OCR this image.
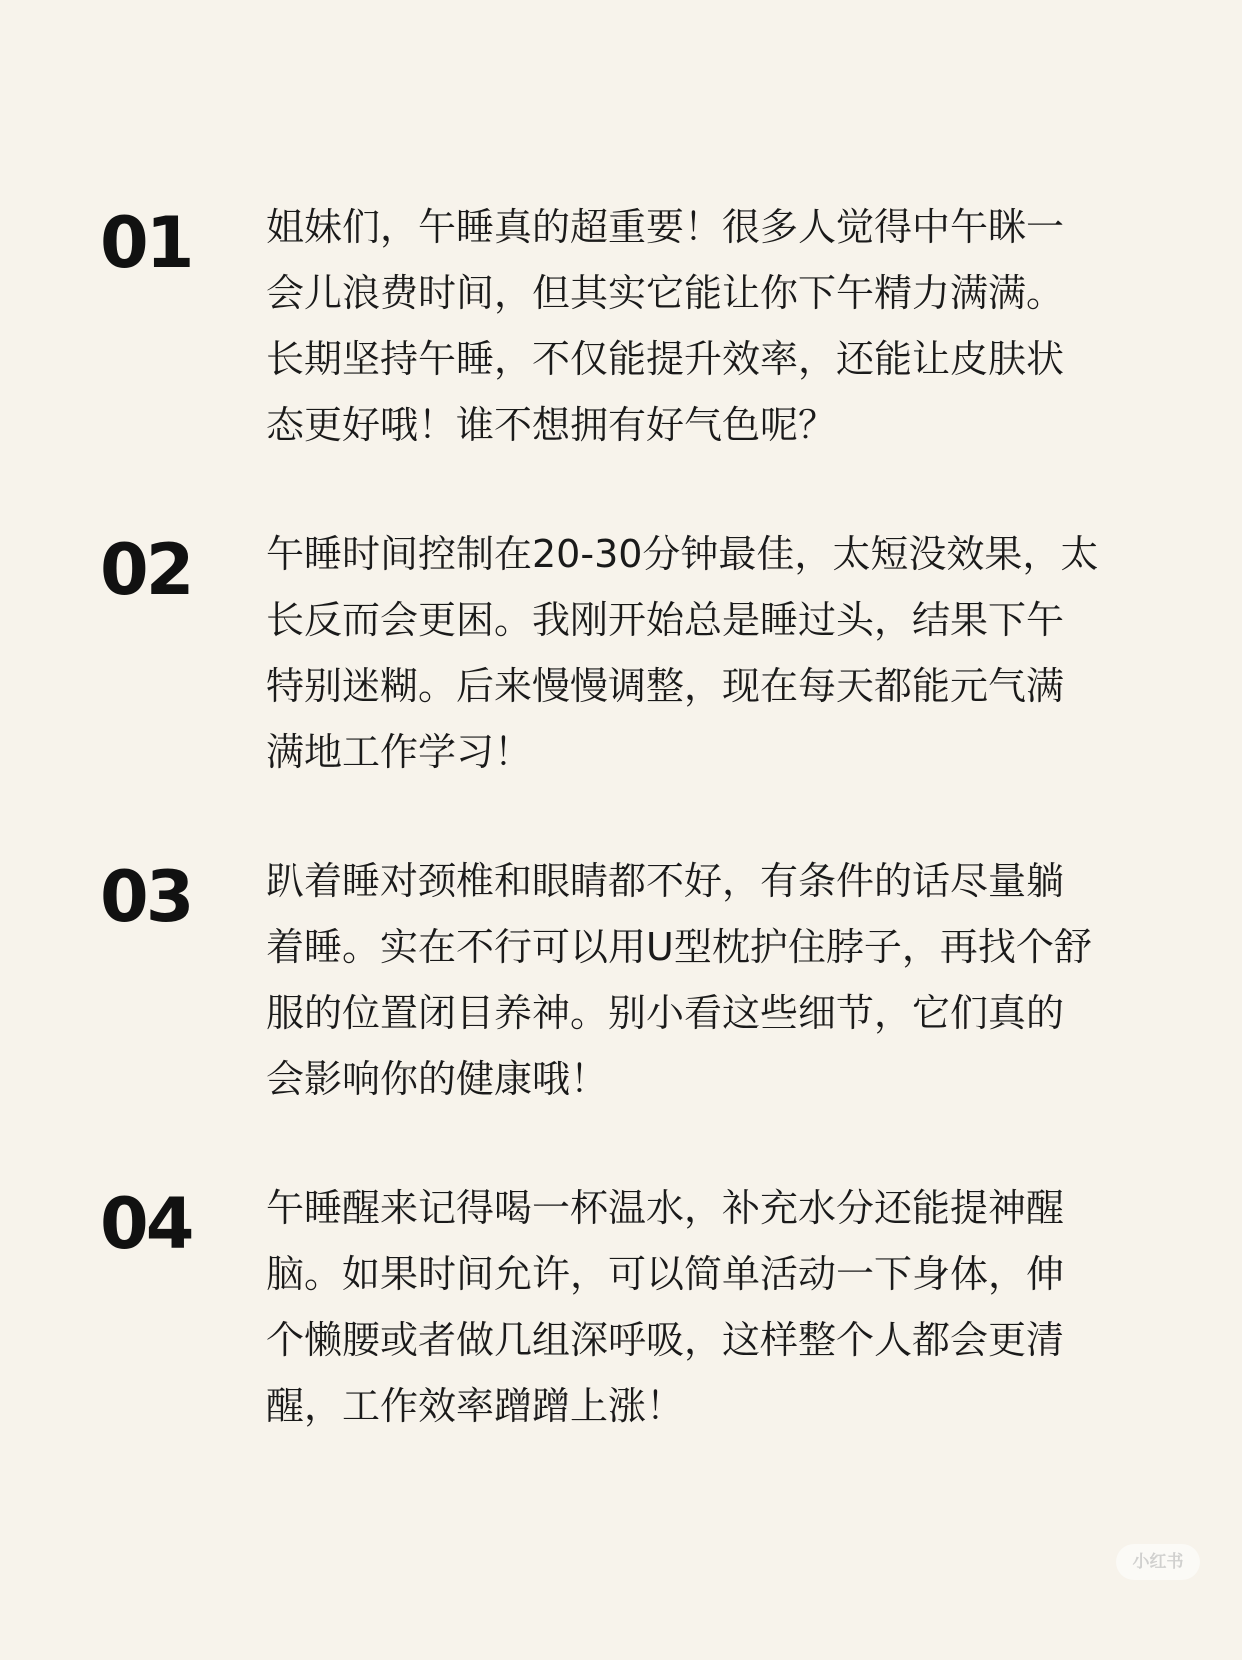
01 姐妹们，午睡真的超重要！很多人觉得中午眯一
会儿浪费时间，但其实它能让你下午精力满满。
长期坚持午睡，不仅能提升效率，还能让皮肤状
态更好哦！谁不想拥有好气色呢？
02 午睡时间控制在20-30分钟最佳，太短没效果，太
长反而会更困。我刚开始总是睡过头，结果下午
特别迷糊。后来慢慢调整，现在每天都能元气满
满地工作学习！
03 趴着睡对颈椎和眼睛都不好，有条件的话尽量躺
着睡。实在不行可以用U型枕护住脖子，再找个舒
服的位置闭目养神。别小看这些细节，它们真的
会影响你的健康哦！
04 午睡醒来记得喝一杯温水，补充水分还能提神醒
脑。如果时间允许，可以简单活动一下身体，伸
个懒腰或者做几组深呼吸，这样整个人都会更清
醒，工作效率蹭蹭上涨！
小红书
